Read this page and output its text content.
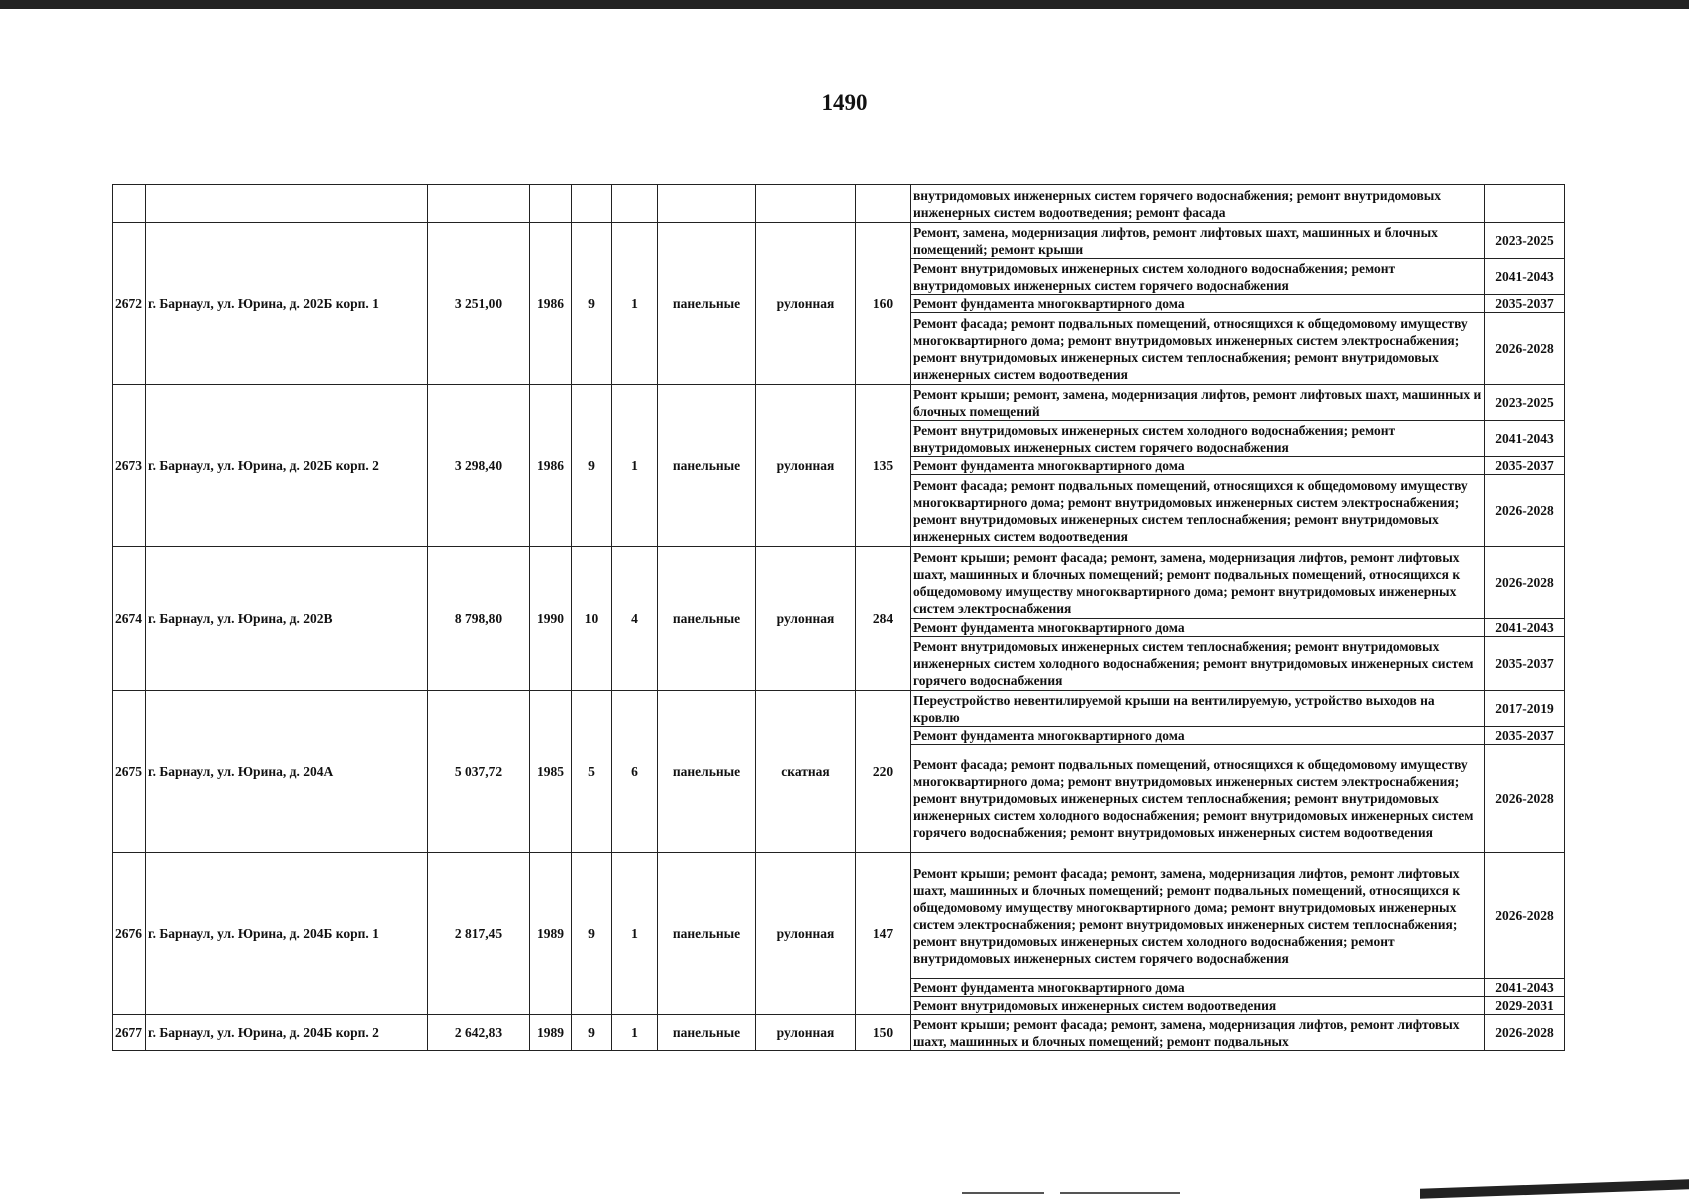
1490
									внутридомовых инженерных систем горячего водоснабжения; ремонт внутридомовых инженерных систем водоотведения; ремонт фасада	
2672	г. Барнаул, ул. Юрина, д. 202Б корп. 1	3 251,00	1986	9	1	панельные	рулонная	160	Ремонт, замена, модернизация лифтов, ремонт лифтовых шахт, машинных и блочных помещений; ремонт крыши	2023-2025
									Ремонт внутридомовых инженерных систем холодного водоснабжения; ремонт внутридомовых инженерных систем горячего водоснабжения	2041-2043
									Ремонт фундамента многоквартирного дома	2035-2037
									Ремонт фасада; ремонт подвальных помещений, относящихся к общедомовому имуществу многоквартирного дома; ремонт внутридомовых инженерных систем электроснабжения; ремонт внутридомовых инженерных систем теплоснабжения; ремонт внутридомовых инженерных систем водоотведения	2026-2028
2673	г. Барнаул, ул. Юрина, д. 202Б корп. 2	3 298,40	1986	9	1	панельные	рулонная	135	Ремонт крыши; ремонт, замена, модернизация лифтов, ремонт лифтовых шахт, машинных и блочных помещений	2023-2025
									Ремонт внутридомовых инженерных систем холодного водоснабжения; ремонт внутридомовых инженерных систем горячего водоснабжения	2041-2043
									Ремонт фундамента многоквартирного дома	2035-2037
									Ремонт фасада; ремонт подвальных помещений, относящихся к общедомовому имуществу многоквартирного дома; ремонт внутридомовых инженерных систем электроснабжения; ремонт внутридомовых инженерных систем теплоснабжения; ремонт внутридомовых инженерных систем водоотведения	2026-2028
2674	г. Барнаул, ул. Юрина, д. 202В	8 798,80	1990	10	4	панельные	рулонная	284	Ремонт крыши; ремонт фасада; ремонт, замена, модернизация лифтов, ремонт лифтовых шахт, машинных и блочных помещений; ремонт подвальных помещений, относящихся к общедомовому имуществу многоквартирного дома; ремонт внутридомовых инженерных систем электроснабжения	2026-2028
									Ремонт фундамента многоквартирного дома	2041-2043
									Ремонт внутридомовых инженерных систем теплоснабжения; ремонт внутридомовых инженерных систем холодного водоснабжения; ремонт внутридомовых инженерных систем горячего водоснабжения	2035-2037
2675	г. Барнаул, ул. Юрина, д. 204А	5 037,72	1985	5	6	панельные	скатная	220	Переустройство невентилируемой крыши на вентилируемую, устройство выходов на кровлю	2017-2019
									Ремонт фундамента многоквартирного дома	2035-2037
									Ремонт фасада; ремонт подвальных помещений, относящихся к общедомовому имуществу многоквартирного дома; ремонт внутридомовых инженерных систем электроснабжения; ремонт внутридомовых инженерных систем теплоснабжения; ремонт внутридомовых инженерных систем холодного водоснабжения; ремонт внутридомовых инженерных систем горячего водоснабжения; ремонт внутридомовых инженерных систем водоотведения	2026-2028
2676	г. Барнаул, ул. Юрина, д. 204Б корп. 1	2 817,45	1989	9	1	панельные	рулонная	147	Ремонт крыши; ремонт фасада; ремонт, замена, модернизация лифтов, ремонт лифтовых шахт, машинных и блочных помещений; ремонт подвальных помещений, относящихся к общедомовому имуществу многоквартирного дома; ремонт внутридомовых инженерных систем электроснабжения; ремонт внутридомовых инженерных систем теплоснабжения; ремонт внутридомовых инженерных систем холодного водоснабжения; ремонт внутридомовых инженерных систем горячего водоснабжения	2026-2028
									Ремонт фундамента многоквартирного дома	2041-2043
									Ремонт внутридомовых инженерных систем водоотведения	2029-2031
2677	г. Барнаул, ул. Юрина, д. 204Б корп. 2	2 642,83	1989	9	1	панельные	рулонная	150	Ремонт крыши; ремонт фасада; ремонт, замена, модернизация лифтов, ремонт лифтовых шахт, машинных и блочных помещений; ремонт подвальных	2026-2028
